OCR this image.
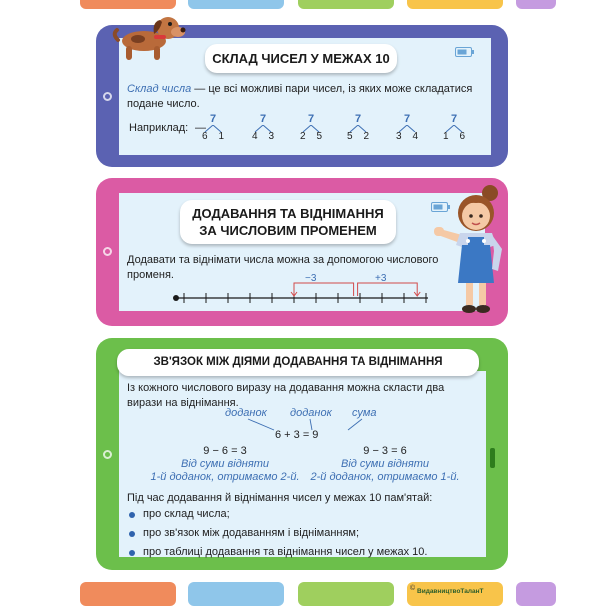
СКЛАД ЧИСЕЛ У МЕЖАХ 10
Склад числа — це всі можливі пари чисел, із яких може складатися подане число.
Наприклад: —
7
6 1
7
4 3
7
2 5
7
5 2
7
3 4
7
1 6
ДОДАВАННЯ ТА ВІДНІМАННЯ
ЗА ЧИСЛОВИМ ПРОМЕНЕМ
Додавати та віднімати числа можна за допомогою числового променя.	−3	+3
ЗВ'ЯЗОК МІЖ ДІЯМИ ДОДАВАННЯ ТА ВІДНІМАННЯ
Із кожного числового виразу на додавання можна скласти два вирази на віднімання.
доданок доданок сума
6 + 3 = 9
9 − 6 = 3
Від суми відняти
1-й доданок, отримаємо 2-й.
9 − 3 = 6
Від суми відняти
2-й доданок, отримаємо 1-й.
Під час додавання й віднімання чисел у межах 10 пам'ятай:
про склад числа;
про зв'язок між додаванням і відніманням;
про таблиці додавання та віднімання чисел у межах 10.
© ВидавництвоТаланТ
